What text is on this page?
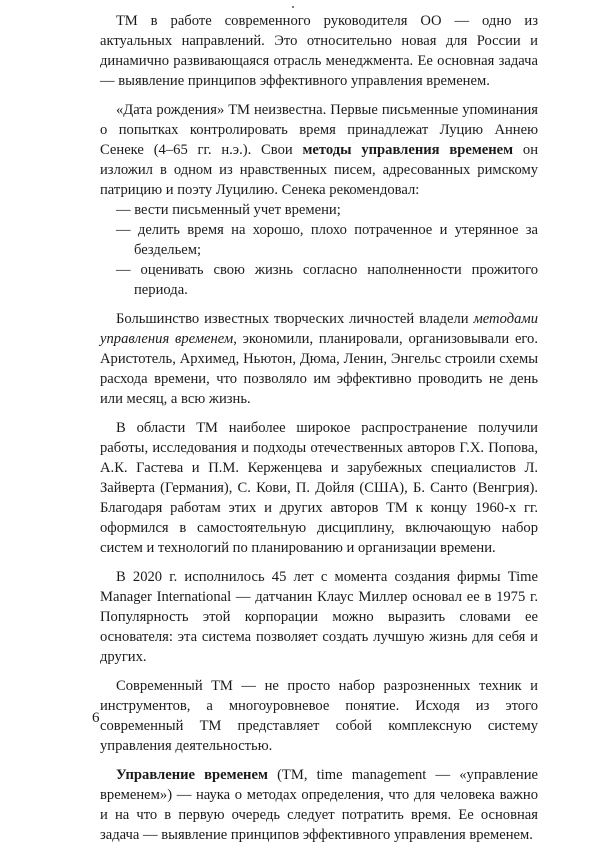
ТМ в работе современного руководителя ОО — одно из актуальных направлений. Это относительно новая для России и динамично развивающаяся отрасль менеджмента. Ее основная задача — выявление принципов эффективного управления временем.

«Дата рождения» ТМ неизвестна. Первые письменные упоминания о попытках контролировать время принадлежат Луцию Аннею Сенеке (4–65 гг. н.э.). Свои методы управления временем он изложил в одном из нравственных писем, адресованных римскому патрицию и поэту Луцилию. Сенека рекомендовал:

— вести письменный учет времени;
— делить время на хорошо, плохо потраченное и утерянное за бездельем;
— оценивать свою жизнь согласно наполненности прожитого периода.

Большинство известных творческих личностей владели методами управления временем, экономили, планировали, организовывали его. Аристотель, Архимед, Ньютон, Дюма, Ленин, Энгельс строили схемы расхода времени, что позволяло им эффективно проводить не день или месяц, а всю жизнь.

В области ТМ наиболее широкое распространение получили работы, исследования и подходы отечественных авторов Г.Х. Попова, А.К. Гастева и П.М. Керженцева и зарубежных специалистов Л. Зайверта (Германия), С. Кови, П. Дойля (США), Б. Санто (Венгрия). Благодаря работам этих и других авторов ТМ к концу 1960-х гг. оформился в самостоятельную дисциплину, включающую набор систем и технологий по планированию и организации времени.

В 2020 г. исполнилось 45 лет с момента создания фирмы Time Manager International — датчанин Клаус Миллер основал ее в 1975 г. Популярность этой корпорации можно выразить словами ее основателя: эта система позволяет создать лучшую жизнь для себя и других.

Современный ТМ — не просто набор разрозненных техник и инструментов, а многоуровневое понятие. Исходя из этого современный ТМ представляет собой комплексную систему управления деятельностью.

Управление временем (TM, time management — «управление временем») — наука о методах определения, что для человека важно и на что в первую очередь следует потратить время. Ее основная задача — выявление принципов эффективного управления временем.

6
